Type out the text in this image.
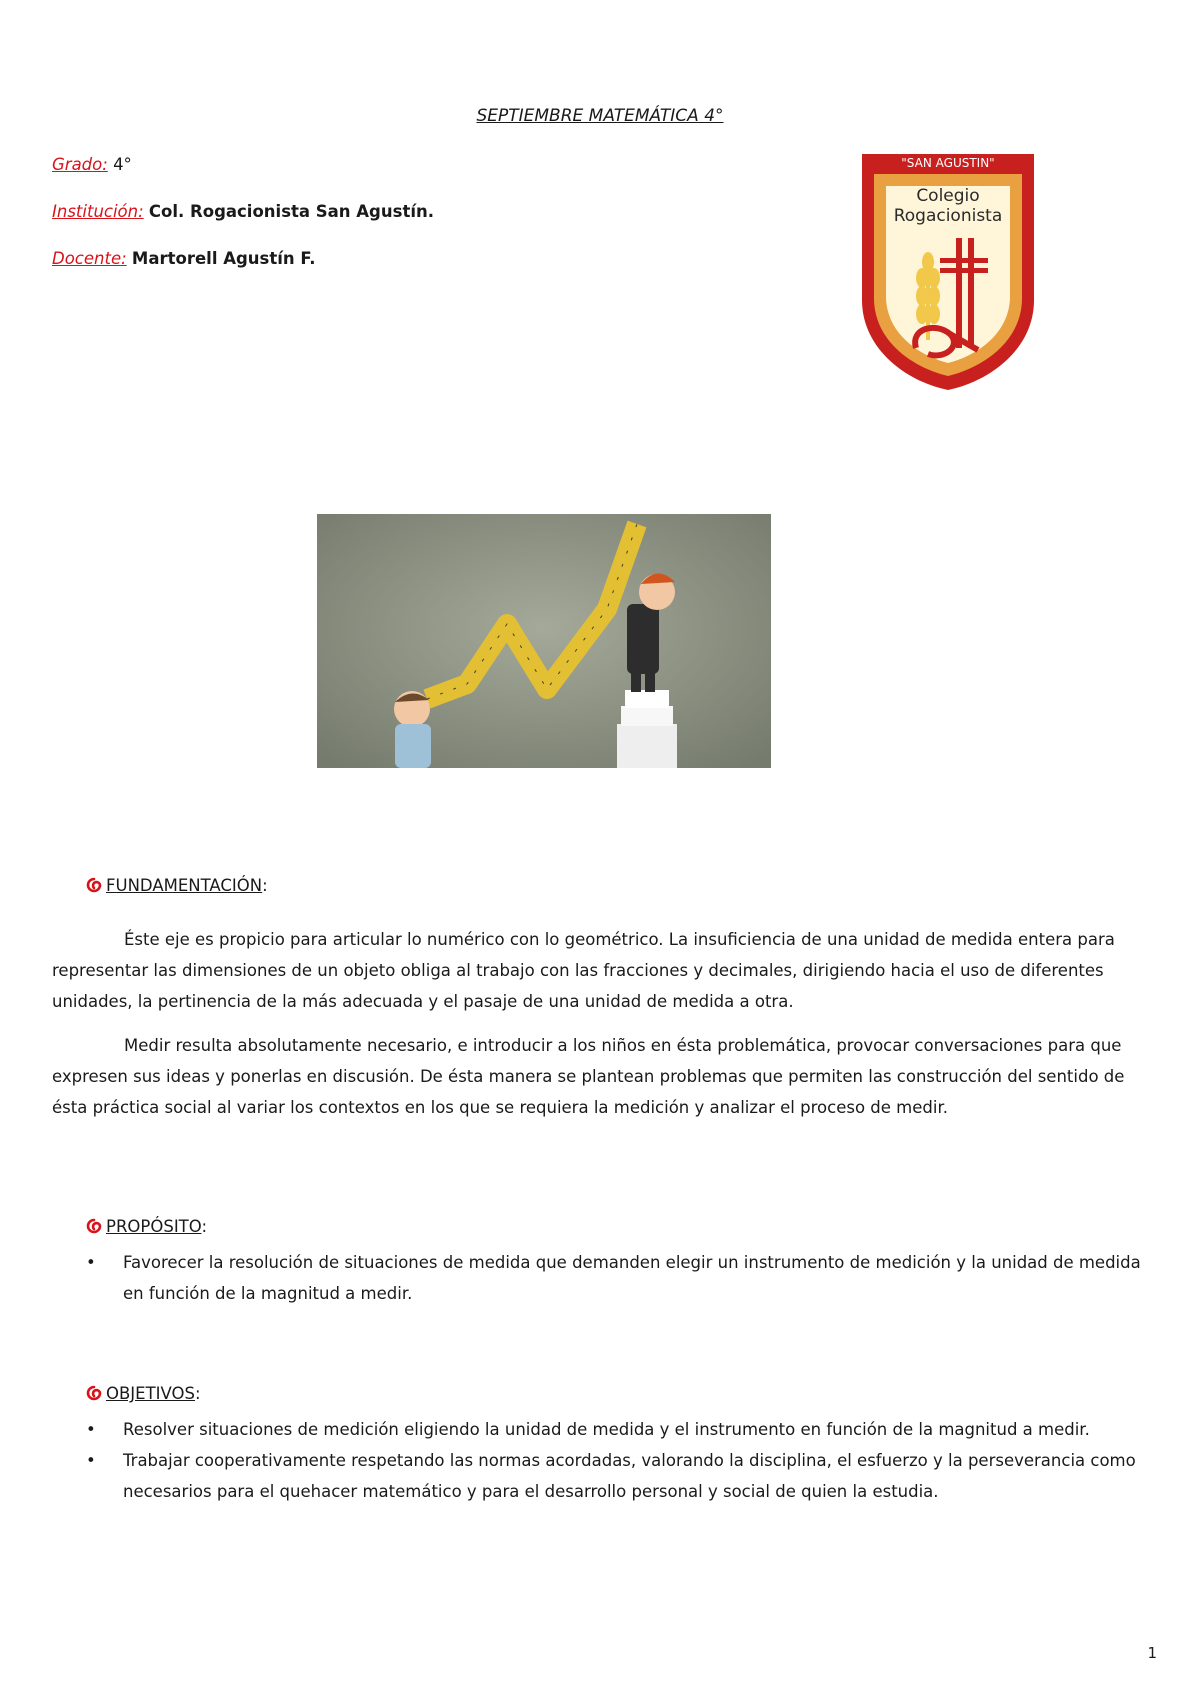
SEPTIEMBRE MATEMÁTICA 4°
Grado: 4°
Institución: Col. Rogacionista San Agustín.
Docente: Martorell Agustín F.
"SAN AGUSTIN"
Colegio
Rogacionista
FUNDAMENTACIÓN:
Éste eje es propicio para articular lo numérico con lo geométrico. La insuficiencia de una unidad de medida entera para representar las dimensiones de un objeto obliga al trabajo con las fracciones y decimales, dirigiendo hacia el uso de diferentes unidades, la pertinencia de la más adecuada y el pasaje de una unidad de medida a otra.
Medir resulta absolutamente necesario, e introducir a los niños en ésta problemática, provocar conversaciones para que expresen sus ideas y ponerlas en discusión. De ésta manera se plantean problemas que permiten las construcción del sentido de ésta práctica social al variar los contextos en los que se requiera la medición y analizar el proceso de medir.
PROPÓSITO:
• Favorecer la resolución de situaciones de medida que demanden elegir un instrumento de medición y la unidad de medida en función de la magnitud a medir.
OBJETIVOS:
• Resolver situaciones de medición eligiendo la unidad de medida y el instrumento en función de la magnitud a medir.
• Trabajar cooperativamente respetando las normas acordadas, valorando la disciplina, el esfuerzo y la perseverancia como necesarios para el quehacer matemático y para el desarrollo personal y social de quien la estudia.
1
